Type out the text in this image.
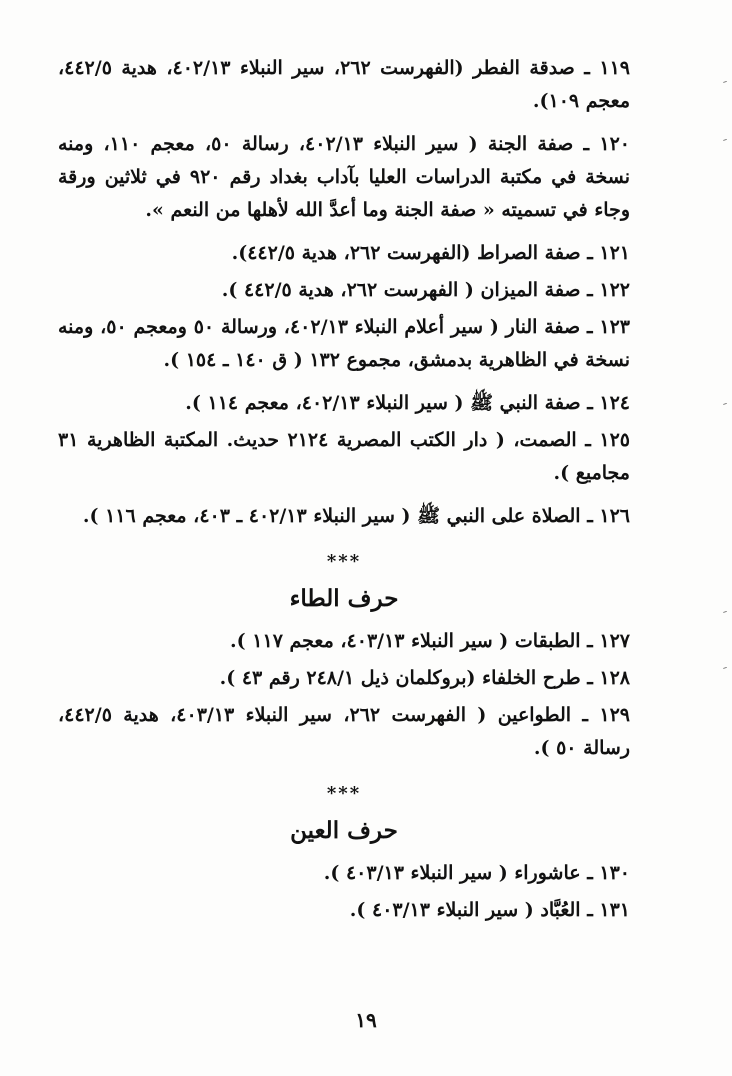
١١٩ ـ صدقة الفطر (الفهرست ٢٦٢، سير النبلاء ٤٠٢/١٣، هدية ٤٤٢/٥، معجم ١٠٩).

١٢٠ ـ صفة الجنة ( سير النبلاء ٤٠٢/١٣، رسالة ٥٠، معجم ١١٠، ومنه نسخة في مكتبة الدراسات العليا بآداب بغداد رقم ٩٢٠ في ثلاثين ورقة وجاء في تسميته « صفة الجنة وما أعدَّ الله لأهلها من النعم ».

١٢١ ـ صفة الصراط (الفهرست ٢٦٢، هدية ٤٤٢/٥).

١٢٢ ـ صفة الميزان ( الفهرست ٢٦٢، هدية ٤٤٢/٥ ).

١٢٣ ـ صفة النار ( سير أعلام النبلاء ٤٠٢/١٣، ورسالة ٥٠ ومعجم ٥٠، ومنه نسخة في الظاهرية بدمشق، مجموع ١٣٢ ( ق ١٤٠ ـ ١٥٤ ).

١٢٤ ـ صفة النبي ﷺ ( سير النبلاء ٤٠٢/١٣، معجم ١١٤ ).

١٢٥ ـ الصمت، ( دار الكتب المصرية ٢١٢٤ حديث. المكتبة الظاهرية ٣١ مجاميع ).

١٢٦ ـ الصلاة على النبي ﷺ ( سير النبلاء ٤٠٢/١٣ ـ ٤٠٣، معجم ١١٦ ).

***
حرف الطاء

١٢٧ ـ الطبقات ( سير النبلاء ٤٠٣/١٣، معجم ١١٧ ).

١٢٨ ـ طرح الخلفاء (بروكلمان ذيل ٢٤٨/١ رقم ٤٣ ).

١٢٩ ـ الطواعين ( الفهرست ٢٦٢، سير النبلاء ٤٠٣/١٣، هدية ٤٤٢/٥، رسالة ٥٠ ).

***
حرف العين

١٣٠ ـ عاشوراء ( سير النبلاء ٤٠٣/١٣ ).

١٣١ ـ العُبَّاد ( سير النبلاء ٤٠٣/١٣ ).

١٩
